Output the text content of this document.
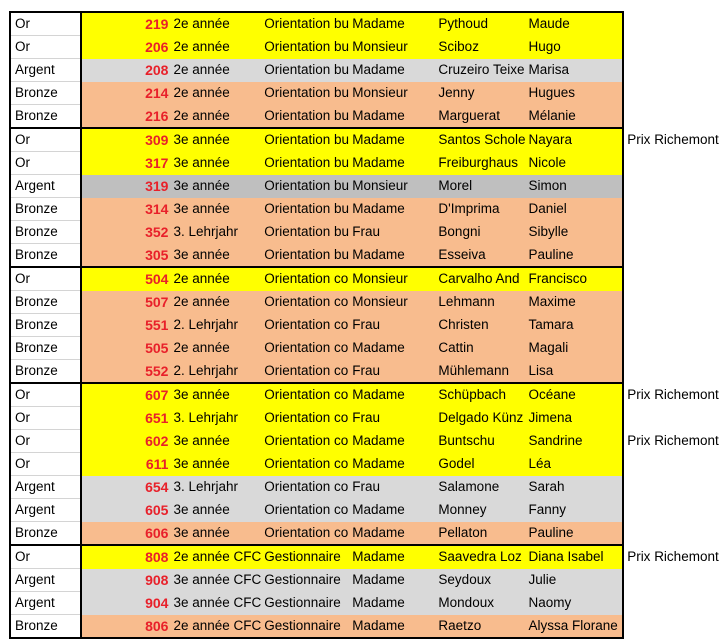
Or	219	2e année	Orientation bu	Madame	Pythoud	Maude	
Or	206	2e année	Orientation bu	Monsieur	Sciboz	Hugo	
Argent	208	2e année	Orientation bu	Madame	Cruzeiro Teixe	Marisa	
Bronze	214	2e année	Orientation bu	Monsieur	Jenny	Hugues	
Bronze	216	2e année	Orientation bu	Madame	Marguerat	Mélanie	
Or	309	3e année	Orientation bu	Madame	Santos Schole	Nayara	Prix Richemont
Or	317	3e année	Orientation bu	Madame	Freiburghaus	Nicole	
Argent	319	3e année	Orientation bu	Monsieur	Morel	Simon	
Bronze	314	3e année	Orientation bu	Madame	D'Imprima	Daniel	
Bronze	352	3. Lehrjahr	Orientation bu	Frau	Bongni	Sibylle	
Bronze	305	3e année	Orientation bu	Madame	Esseiva	Pauline	
Or	504	2e année	Orientation co	Monsieur	Carvalho And	Francisco	
Bronze	507	2e année	Orientation co	Monsieur	Lehmann	Maxime	
Bronze	551	2. Lehrjahr	Orientation co	Frau	Christen	Tamara	
Bronze	505	2e année	Orientation co	Madame	Cattin	Magali	
Bronze	552	2. Lehrjahr	Orientation co	Frau	Mühlemann	Lisa	
Or	607	3e année	Orientation co	Madame	Schüpbach	Océane	Prix Richemont
Or	651	3. Lehrjahr	Orientation co	Frau	Delgado Künz	Jimena	
Or	602	3e année	Orientation co	Madame	Buntschu	Sandrine	Prix Richemont
Or	611	3e année	Orientation co	Madame	Godel	Léa	
Argent	654	3. Lehrjahr	Orientation co	Frau	Salamone	Sarah	
Argent	605	3e année	Orientation co	Madame	Monney	Fanny	
Bronze	606	3e année	Orientation co	Madame	Pellaton	Pauline	
Or	808	2e année CFC	Gestionnaire	Madame	Saavedra Loz	Diana Isabel	Prix Richemont
Argent	908	3e année CFC	Gestionnaire	Madame	Seydoux	Julie	
Argent	904	3e année CFC	Gestionnaire	Madame	Mondoux	Naomy	
Bronze	806	2e année CFC	Gestionnaire	Madame	Raetzo	Alyssa Florane	
